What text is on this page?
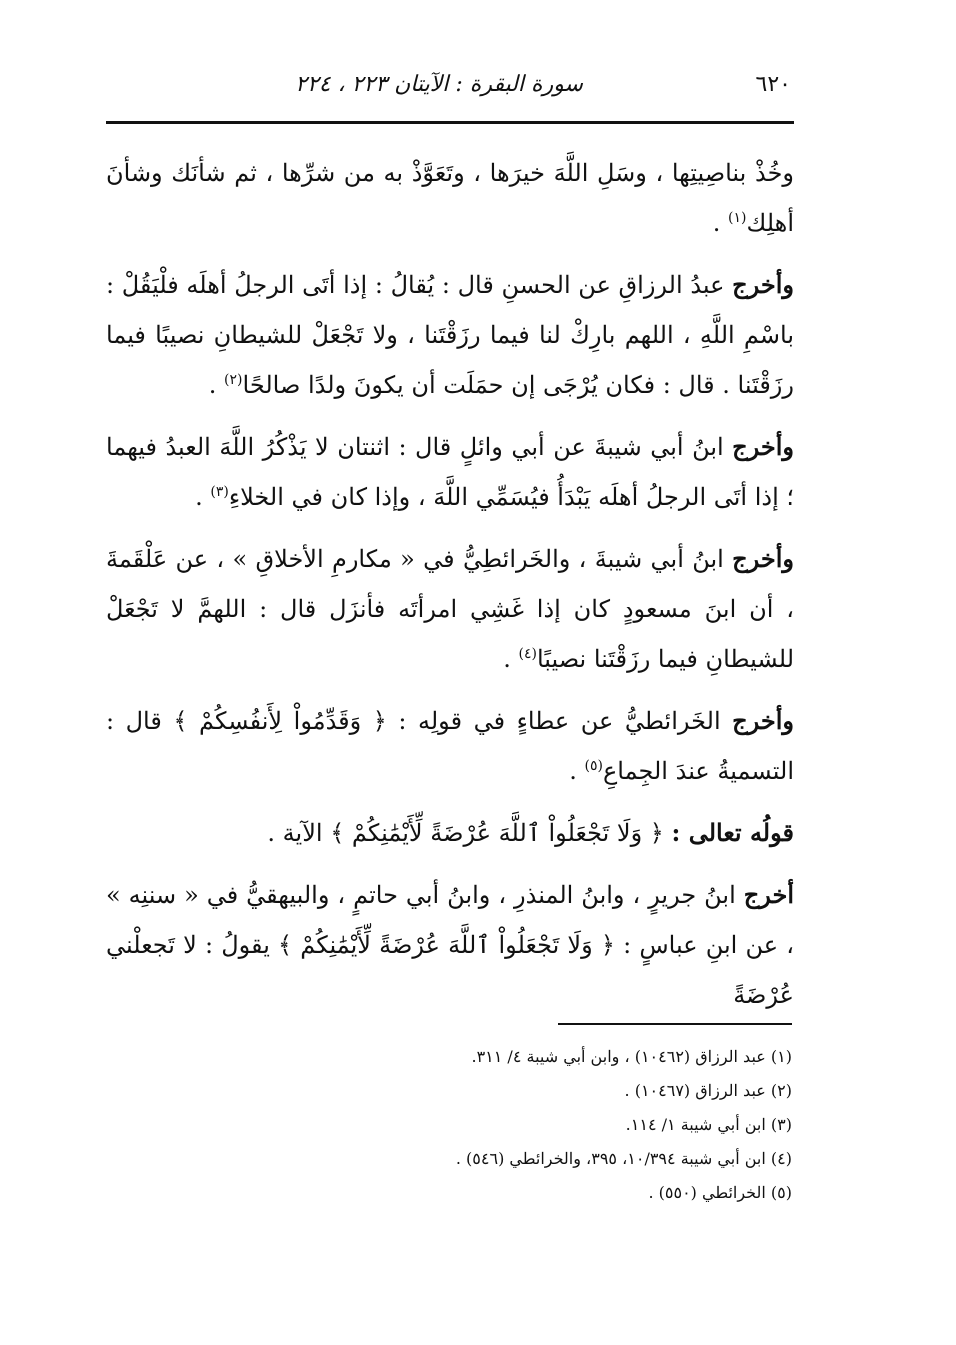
٦٢٠
سورة البقرة : الآيتان ٢٢٣ ، ٢٢٤

وخُذْ بناصِيتِها ، وسَلِ اللَّهَ خيرَها ، وتَعَوَّذْ به من شرِّها ، ثم شأنَك وشأنَ أهلِك$^{(١)}$ .

وأخرج عبدُ الرزاقِ عن الحسنِ قال : يُقالُ : إذا أتَى الرجلُ أهلَه فلْيَقُلْ : باسْمِ اللَّهِ ، اللهم بارِكْ لنا فيما رزَقْتَنا ، ولا تَجْعَلْ للشيطانِ نصيبًا فيما رزَقْتَنا . قال : فكان يُرْجَى إن حمَلَت أن يكونَ ولدًا صالحًا$^{(٢)}$ .

وأخرج ابنُ أبي شيبةَ عن أبي وائلٍ قال : اثنتان لا يَذْكُرُ اللَّهَ العبدُ فيهما ؛ إذا أتَى الرجلُ أهلَه يَبْدَأُ فيُسَمِّي اللَّهَ ، وإذا كان في الخلاءِ$^{(٣)}$ .

وأخرج ابنُ أبي شيبةَ ، والخَرائطِيُّ في « مكارمِ الأخلاقِ » ، عن عَلْقَمةَ ، أن ابنَ مسعودٍ كان إذا غَشِي امرأتَه فأنزَل قال : اللهمَّ لا تَجْعَلْ للشيطانِ فيما رزَقْتَنا نصيبًا$^{(٤)}$ .

وأخرج الخَرائطيُّ عن عطاءٍ في قولِه : ﴿ وَقَدِّمُواْ لِأَنفُسِكُمْ ﴾ قال : التسميةُ عندَ الجِماعِ$^{(٥)}$ .

قولُه تعالى : ﴿ وَلَا تَجْعَلُواْ ٱللَّهَ عُرْضَةً لِّأَيْمَٰنِكُمْ ﴾ الآية .

أخرج ابنُ جريرٍ ، وابنُ المنذرِ ، وابنُ أبي حاتمٍ ، والبيهقيُّ في « سننِه » ، عن ابنِ عباسٍ : ﴿ وَلَا تَجْعَلُواْ ٱللَّهَ عُرْضَةً لِّأَيْمَٰنِكُمْ ﴾ يقولُ : لا تَجعلْني عُرْضَةً

(١) عبد الرزاق (١٠٤٦٢) ، وابن أبي شيبة ٤/ ٣١١.

(٢) عبد الرزاق (١٠٤٦٧) .

(٣) ابن أبي شيبة ١/ ١١٤.

(٤) ابن أبي شيبة ١٠/٣٩٤، ٣٩٥، والخرائطي (٥٤٦) .

(٥) الخرائطي (٥٥٠) .
